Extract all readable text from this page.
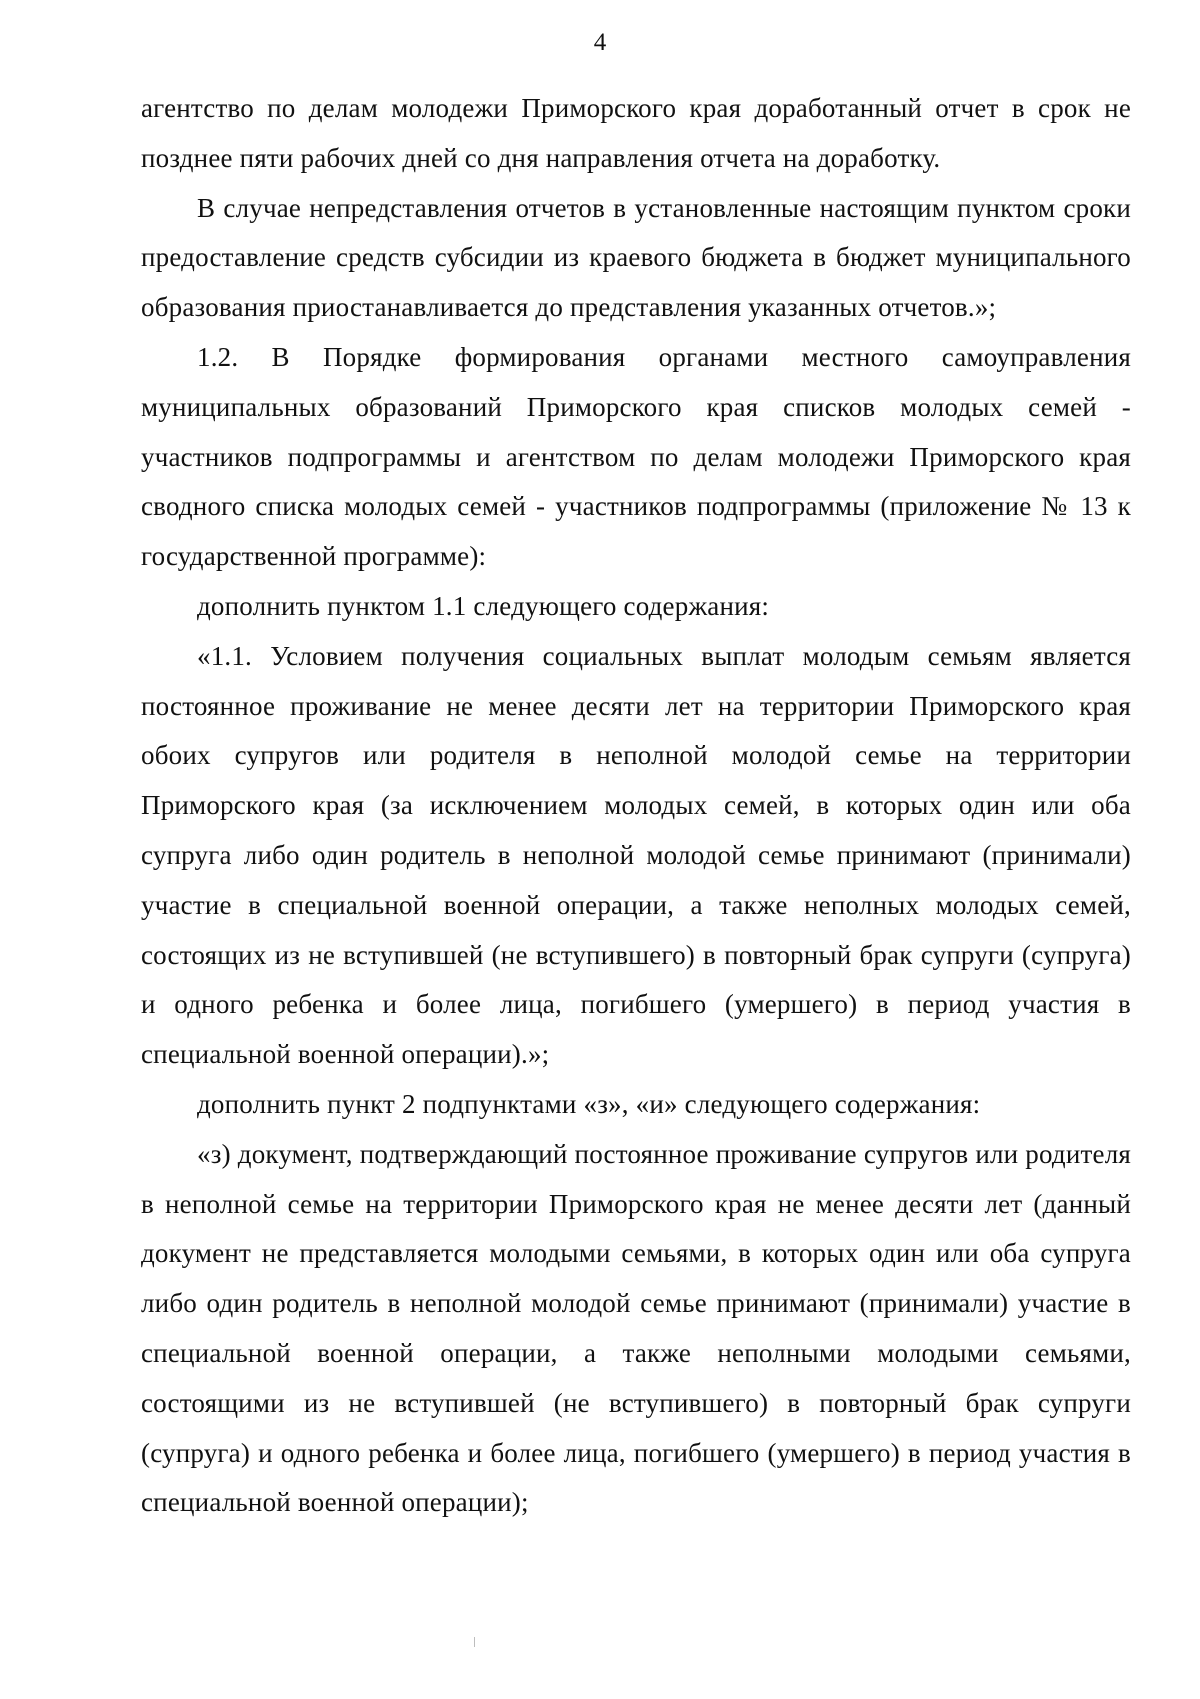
4

агентство по делам молодежи Приморского края доработанный отчет в срок не позднее пяти рабочих дней со дня направления отчета на доработку.

В случае непредставления отчетов в установленные настоящим пунктом сроки предоставление средств субсидии из краевого бюджета в бюджет муниципального образования приостанавливается до представления указанных отчетов.»;

1.2. В Порядке формирования органами местного самоуправления муниципальных образований Приморского края списков молодых семей - участников подпрограммы и агентством по делам молодежи Приморского края сводного списка молодых семей - участников подпрограммы (приложение № 13 к государственной программе):

дополнить пунктом 1.1 следующего содержания:

«1.1. Условием получения социальных выплат молодым семьям является постоянное проживание не менее десяти лет на территории Приморского края обоих супругов или родителя в неполной молодой семье на территории Приморского края (за исключением молодых семей, в которых один или оба супруга либо один родитель в неполной молодой семье принимают (принимали) участие в специальной военной операции, а также неполных молодых семей, состоящих из не вступившей (не вступившего) в повторный брак супруги (супруга) и одного ребенка и более лица, погибшего (умершего) в период участия в специальной военной операции).»;

дополнить пункт 2 подпунктами «з», «и» следующего содержания:

«з) документ, подтверждающий постоянное проживание супругов или родителя в неполной семье на территории Приморского края не менее десяти лет (данный документ не представляется молодыми семьями, в которых один или оба супруга либо один родитель в неполной молодой семье принимают (принимали) участие в специальной военной операции, а также неполными молодыми семьями, состоящими из не вступившей (не вступившего) в повторный брак супруги (супруга) и одного ребенка и более лица, погибшего (умершего) в период участия в специальной военной операции);
